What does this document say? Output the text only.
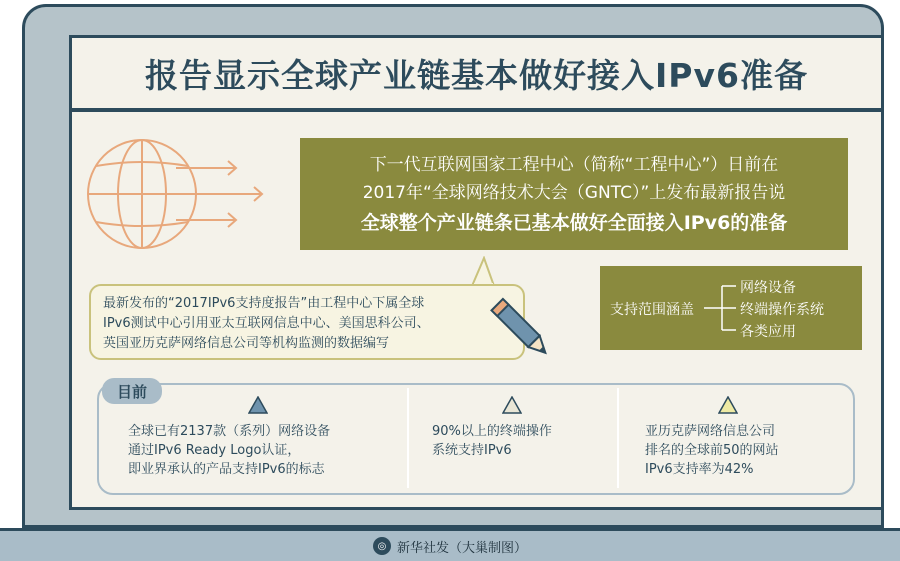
报告显示全球产业链基本做好接入IPv6准备
下一代互联网国家工程中心（简称“工程中心”）日前在
2017年“全球网络技术大会（GNTC）”上发布最新报告说
全球整个产业链条已基本做好全面接入IPv6的准备
最新发布的“2017IPv6支持度报告”由工程中心下属全球
IPv6测试中心引用亚太互联网信息中心、美国思科公司、
英国亚历克萨网络信息公司等机构监测的数据编写
支持范围涵盖
网络设备
终端操作系统
各类应用
目前
全球已有2137款（系列）网络设备
通过IPv6 Ready Logo认证，
即业界承认的产品支持IPv6的标志
90%以上的终端操作
系统支持IPv6
亚历克萨网络信息公司
排名的全球前50的网站
IPv6支持率为42%
◎ 新华社发（大巢制图）
